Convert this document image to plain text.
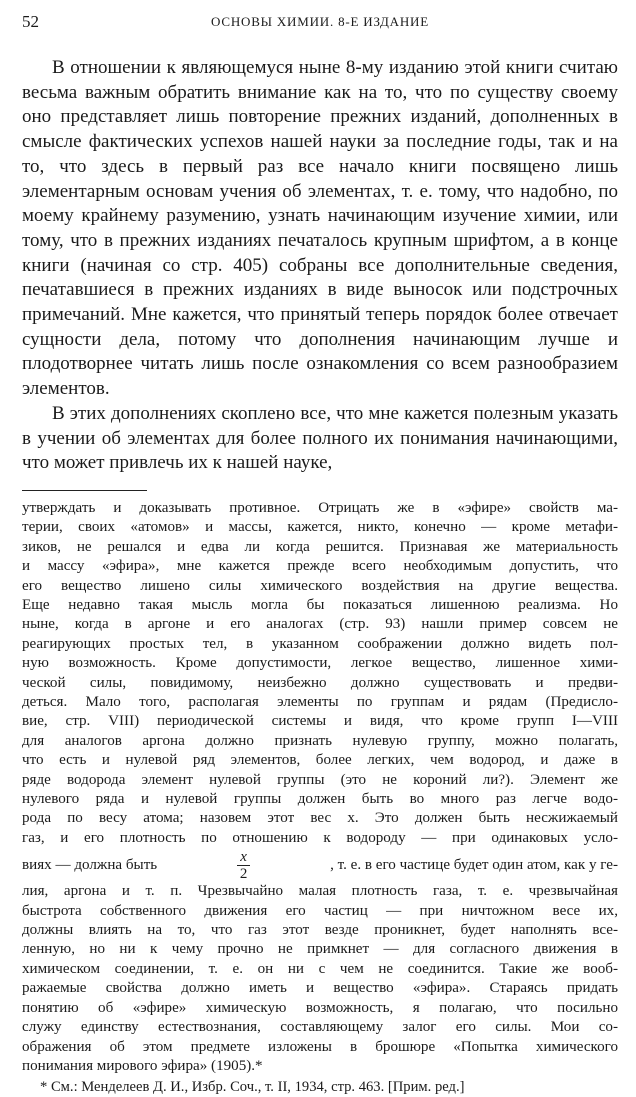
52	ОСНОВЫ ХИМИИ. 8-Е ИЗДАНИЕ

В отношении к являющемуся ныне 8-му изданию этой книги считаю весьма важным обратить внимание как на то, что по существу своему оно представляет лишь повторение прежних изданий, дополненных в смысле фактических успехов нашей науки за последние годы, так и на то, что здесь в первый раз все начало книги посвящено лишь элементарным основам учения об элементах, т. е. тому, что надобно, по моему крайнему разумению, узнать начинающим изучение химии, или тому, что в прежних изданиях печаталось крупным шрифтом, а в конце книги (начиная со стр. 405) собраны все дополнительные сведения, печатавшиеся в прежних изданиях в виде выносок или подстрочных примечаний. Мне кажется, что принятый теперь порядок более отвечает сущности дела, потому что дополнения начинающим лучше и плодотворнее читать лишь после ознакомления со всем разнообразием элементов.

В этих дополнениях скоплено все, что мне кажется полезным указать в учении об элементах для более полного их понимания начинающими, что может привлечь их к нашей науке,

утверждать и доказывать противное. Отрицать же в «эфире» свойств ма-
терии, своих «атомов» и массы, кажется, никто, конечно — кроме метафи-
зиков, не решался и едва ли когда решится. Признавая же материальность
и массу «эфира», мне кажется прежде всего необходимым допустить, что
его вещество лишено силы химического воздействия на другие вещества.
Еще недавно такая мысль могла бы показаться лишенною реализма. Но
ныне, когда в аргоне и его аналогах (стр. 93) нашли пример совсем не
реагирующих простых тел, в указанном соображении должно видеть пол-
ную возможность. Кроме допустимости, легкое вещество, лишенное хими-
ческой силы, повидимому, неизбежно должно существовать и предви-
деться. Мало того, располагая элементы по группам и рядам (Предисло-
вие, стр. VIII) периодической системы и видя, что кроме групп I—VIII
для аналогов аргона должно признать нулевую группу, можно полагать,
что есть и нулевой ряд элементов, более легких, чем водород, и даже в
ряде водорода элемент нулевой группы (это не короний ли?). Элемент же
нулевого ряда и нулевой группы должен быть во много раз легче водо-
рода по весу атома; назовем этот вес x. Это должен быть несжижаемый
газ, и его плотность по отношению к водороду — при одинаковых усло-
виях — должна быть	$\frac{x}{2}$	, т. е. в его частице будет один атом, как у ге-
лия, аргона и т. п. Чрезвычайно малая плотность газа, т. е. чрезвычайная
быстрота собственного движения его частиц — при ничтожном весе их,
должны влиять на то, что газ этот везде проникнет, будет наполнять все-
ленную, но ни к чему прочно не примкнет — для согласного движения в
химическом соединении, т. е. он ни с чем не соединится. Такие же вооб-
ражаемые свойства должно иметь и вещество «эфира». Стараясь придать
понятию об «эфире» химическую возможность, я полагаю, что посильно
служу единству естествознания, составляющему залог его силы. Мои со-
ображения об этом предмете изложены в брошюре «Попытка химического
понимания мирового эфира» (1905).*
* См.: Менделеев Д. И., Избр. Соч., т. II, 1934, стр. 463. [Прим. ред.]
